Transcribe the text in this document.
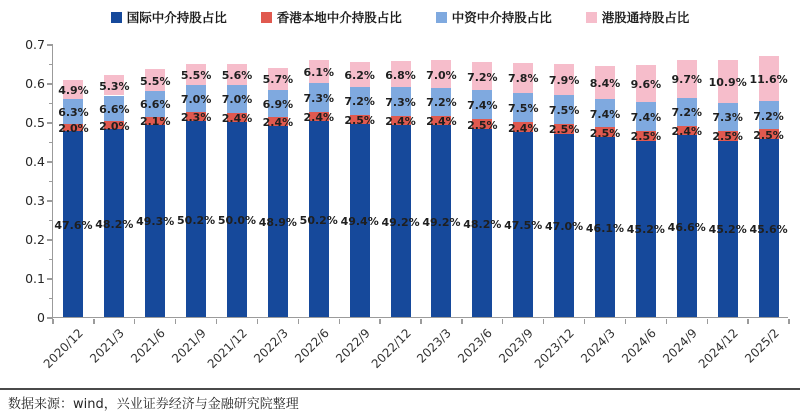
国际中介持股占比	香港本地中介持股占比	中资中介持股占比	港股通持股占比
0
0.1
0.2
0.3
0.4
0.5
0.6
0.7
2020/12 2021/3 2021/6 2021/9
2021/12 2022/3 2022/6 2022/9
2022/12 2023/3 2023/6 2023/9
2023/12 2024/3 2024/6 2024/9
2024/12 2025/2
47.6%
2.0%
6.3%
4.9%
48.2%
2.0%
6.6%
5.3%
49.3%
2.1%
6.6%
5.5%
50.2%
2.3%
7.0%
5.5%
50.0%
2.4%
7.0%
5.6%
48.9%
2.4%
6.9%
5.7%
50.2%
2.4%
7.3%
6.1%
49.4%
2.5%
7.2%
6.2%
49.2%
2.4%
7.3%
6.8%
49.2%
2.4%
7.2%
7.0%
48.2%
2.5%
7.4%
7.2%
47.5%
2.4%
7.5%
7.8%
47.0%
2.5%
7.5%
7.9%
46.1%
2.5%
7.4%
8.4%
45.2%
2.5%
7.4%
9.6%
46.6%
2.4%
7.2%
9.7%
45.2%
2.5%
7.3%
10.9%
45.6%
2.5%
7.2%
11.6%
数据来源：wind，兴业证券经济与金融研究院整理
